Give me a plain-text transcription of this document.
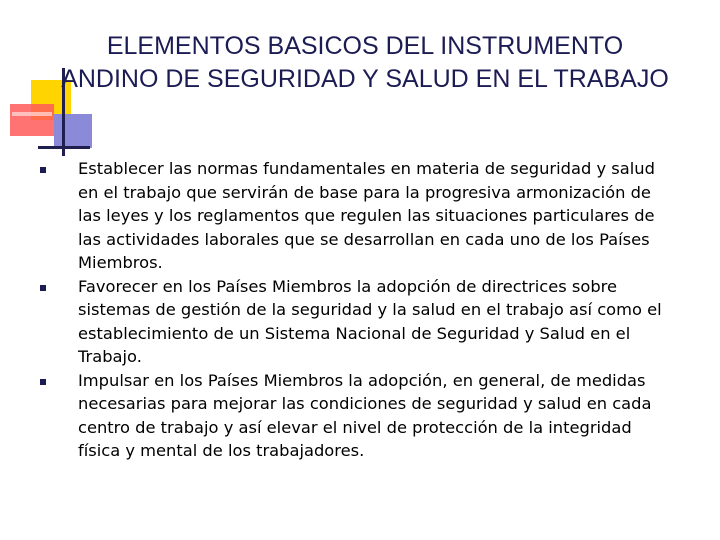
ELEMENTOS BASICOS DEL INSTRUMENTO ANDINO DE SEGURIDAD Y SALUD EN EL TRABAJO
Establecer las normas fundamentales en materia de seguridad y salud en el trabajo que servirán de base para la progresiva armonización de las leyes y los reglamentos que regulen las situaciones particulares de las actividades laborales que se desarrollan en cada uno de los Países Miembros.
Favorecer en los Países Miembros la adopción de directrices sobre sistemas de gestión de la seguridad y la salud en el trabajo así como el establecimiento de un Sistema Nacional de Seguridad y Salud en el Trabajo.
Impulsar en los Países Miembros la adopción, en general, de medidas necesarias para mejorar las condiciones de seguridad y salud en cada centro de trabajo y así elevar el nivel de protección de la integridad física y mental de los trabajadores.
